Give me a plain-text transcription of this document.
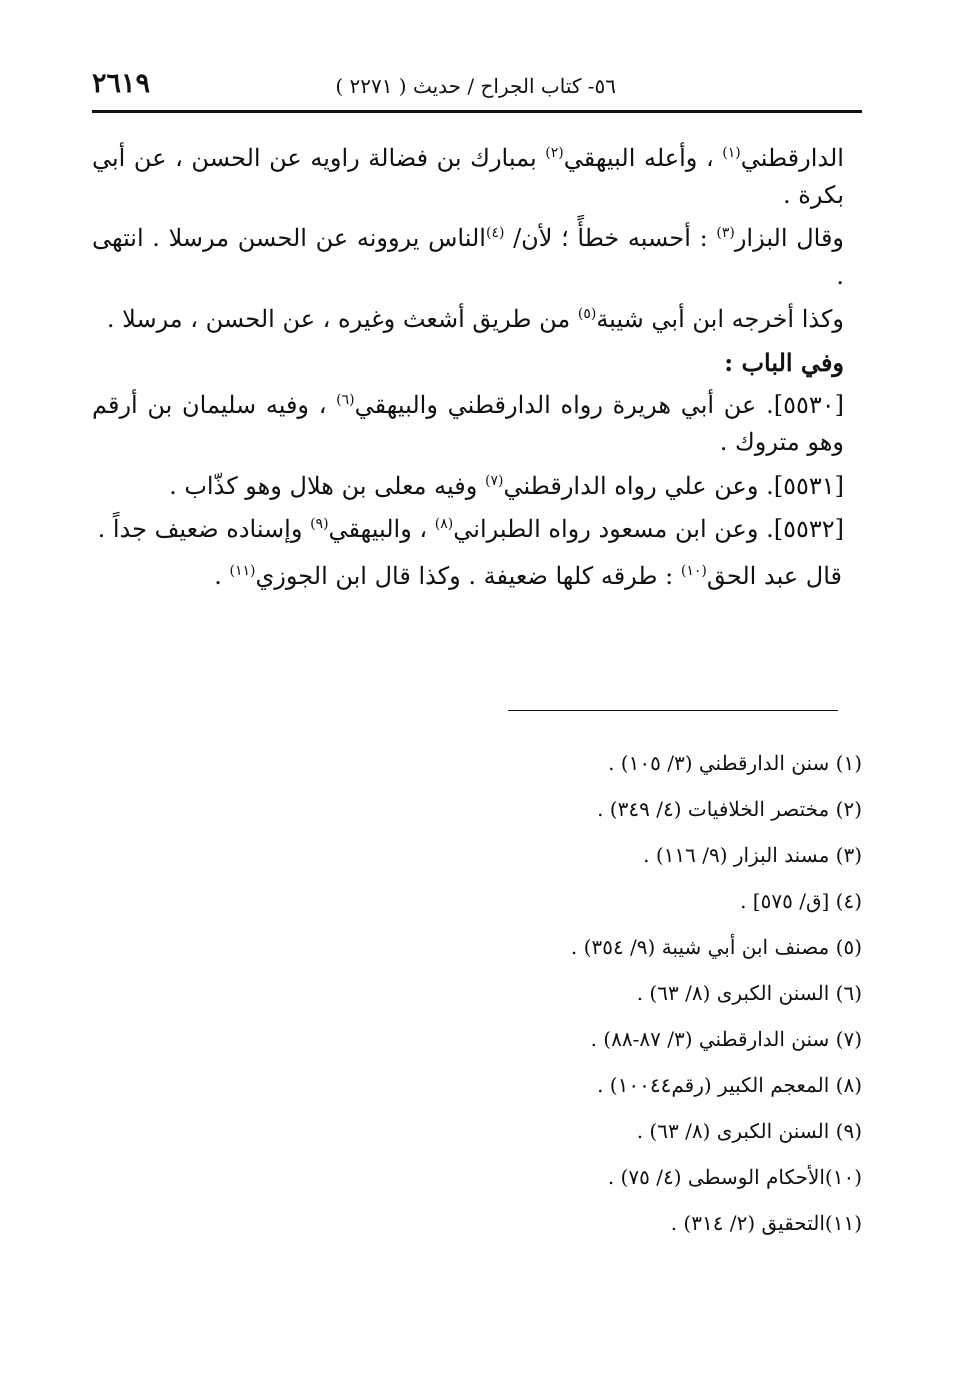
٥٦- كتاب الجراح / حديث ( ٢٢٧١ )
٢٦١٩

الدارقطني$^{(١)}$ ، وأعله البيهقي$^{(٢)}$ بمبارك بن فضالة راويه عن الحسن ، عن أبي بكرة .

وقال البزار$^{(٣)}$ : أحسبه خطأً ؛ لأن/ $^{(٤)}$الناس يروونه عن الحسن مرسلا . انتهى .

وكذا أخرجه ابن أبي شيبة$^{(٥)}$ من طريق أشعث وغيره ، عن الحسن ، مرسلا .

وفي الباب :

[٥٥٣٠]. عن أبي هريرة رواه الدارقطني والبيهقي$^{(٦)}$ ، وفيه سليمان بن أرقم وهو متروك .

[٥٥٣١]. وعن علي رواه الدارقطني$^{(٧)}$ وفيه معلى بن هلال وهو كذّاب .

[٥٥٣٢]. وعن ابن مسعود رواه الطبراني$^{(٨)}$ ، والبيهقي$^{(٩)}$ وإسناده ضعيف جداً .

قال عبد الحق$^{(١٠)}$ : طرقه كلها ضعيفة . وكذا قال ابن الجوزي$^{(١١)}$ .

(١) سنن الدارقطني (٣/ ١٠٥) .
(٢) مختصر الخلافيات (٤/ ٣٤٩) .
(٣) مسند البزار (٩/ ١١٦) .
(٤) [ق/ ٥٧٥] .
(٥) مصنف ابن أبي شيبة (٩/ ٣٥٤) .
(٦) السنن الكبرى (٨/ ٦٣) .
(٧) سنن الدارقطني (٣/ ٨٧-٨٨) .
(٨) المعجم الكبير (رقم١٠٠٤٤) .
(٩) السنن الكبرى (٨/ ٦٣) .
(١٠)الأحكام الوسطى (٤/ ٧٥) .
(١١)التحقيق (٢/ ٣١٤) .
